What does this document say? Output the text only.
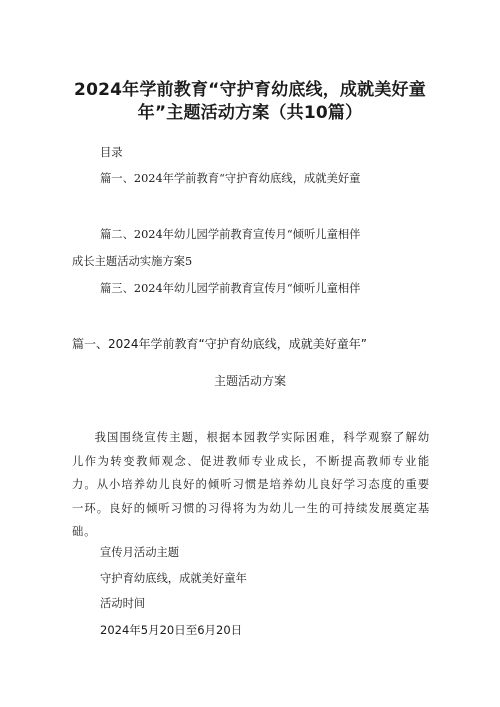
2024年学前教育“守护育幼底线，成就美好童
年”主题活动方案（共10篇）
目录
篇一、2024年学前教育“守护育幼底线，成就美好童
篇二、2024年幼儿园学前教育宣传月“倾听儿童相伴
成长主题活动实施方案5
篇三、2024年幼儿园学前教育宣传月“倾听儿童相伴
篇一、2024年学前教育“守护育幼底线，成就美好童年”
主题活动方案
我国围绕宣传主题，根据本园教学实际困难，科学观察了解幼儿作为转变教师观念、促进教师专业成长，不断提高教师专业能力。从小培养幼儿良好的倾听习惯是培养幼儿良好学习态度的重要一环。良好的倾听习惯的习得将为为幼儿一生的可持续发展奠定基础。
宣传月活动主题
守护育幼底线，成就美好童年
活动时间
2024年5月20日至6月20日
